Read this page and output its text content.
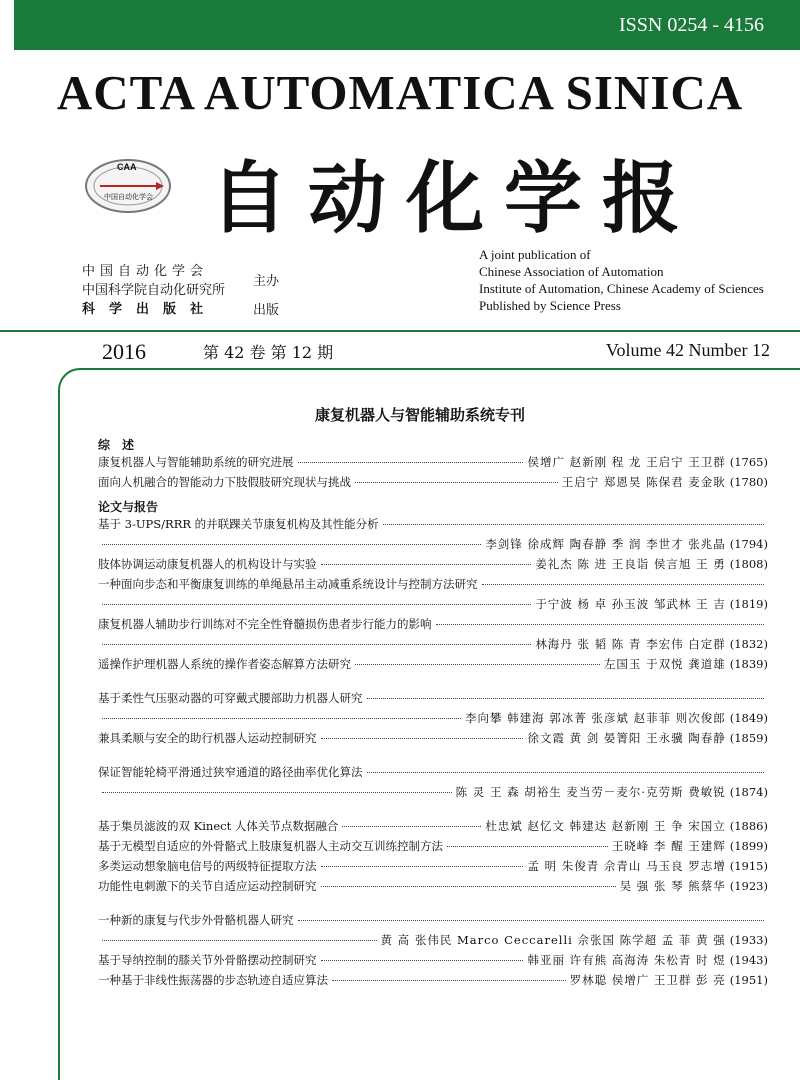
ISSN 0254 - 4156
ACTA AUTOMATICA SINICA
CAA
中国自动化学会 自动化学报
中国自动化学会
中国科学院自动化研究所
科学出版社
主办
出版
A joint publication of
Chinese Association of Automation
Institute of Automation, Chinese Academy of Sciences
Published by Science Press
2016	第 42 卷 第 12 期	Volume 42 Number 12
康复机器人与智能辅助系统专刊
综　述
康复机器人与智能辅助系统的研究进展	侯增广 赵新刚 程 龙 王启宁 王卫群 (1765)
面向人机融合的智能动力下肢假肢研究现状与挑战	王启宁 郑恩昊 陈保君 麦金耿 (1780)
论文与报告
基于 3-UPS/RRR 的并联踝关节康复机构及其性能分析
李剑锋 徐成辉 陶春静 季 润 李世才 张兆晶 (1794)
肢体协调运动康复机器人的机构设计与实验	姜礼杰 陈 进 王良诣 侯言旭 王 勇 (1808)
一种面向步态和平衡康复训练的单绳悬吊主动减重系统设计与控制方法研究
于宁波 杨 卓 孙玉波 邹武林 王 吉 (1819)
康复机器人辅助步行训练对不完全性脊髓损伤患者步行能力的影响
林海丹 张 韬 陈 青 李宏伟 白定群 (1832)
遥操作护理机器人系统的操作者姿态解算方法研究	左国玉 于双悦 龚道雄 (1839)
基于柔性气压驱动器的可穿戴式腰部助力机器人研究
李向攀 韩建海 郭冰菁 张彦斌 赵菲菲 则次俊郎 (1849)
兼具柔顺与安全的助行机器人运动控制研究	徐文霞 黄 剑 晏箐阳 王永骥 陶春静 (1859)
保证智能轮椅平滑通过狭窄通道的路径曲率优化算法
陈 灵 王 森 胡裕生 麦当劳－麦尔·克劳斯 费敏锐 (1874)
基于集员滤波的双 Kinect 人体关节点数据融合	杜忠斌 赵忆文 韩建达 赵新刚 王 争 宋国立 (1886)
基于无模型自适应的外骨骼式上肢康复机器人主动交互训练控制方法	王晓峰 李 醒 王建辉 (1899)
多类运动想象脑电信号的两级特征提取方法	孟 明 朱俊青 佘青山 马玉良 罗志增 (1915)
功能性电刺激下的关节自适应运动控制研究	吴 强 张 琴 熊蔡华 (1923)
一种新的康复与代步外骨骼机器人研究
黄 高 张伟民 Marco Ceccarelli 佘张国 陈学超 孟 菲 黄 强 (1933)
基于导纳控制的膝关节外骨骼摆动控制研究	韩亚丽 许有熊 高海涛 朱松青 时 煜 (1943)
一种基于非线性振荡器的步态轨迹自适应算法	罗林聪 侯增广 王卫群 彭 亮 (1951)
